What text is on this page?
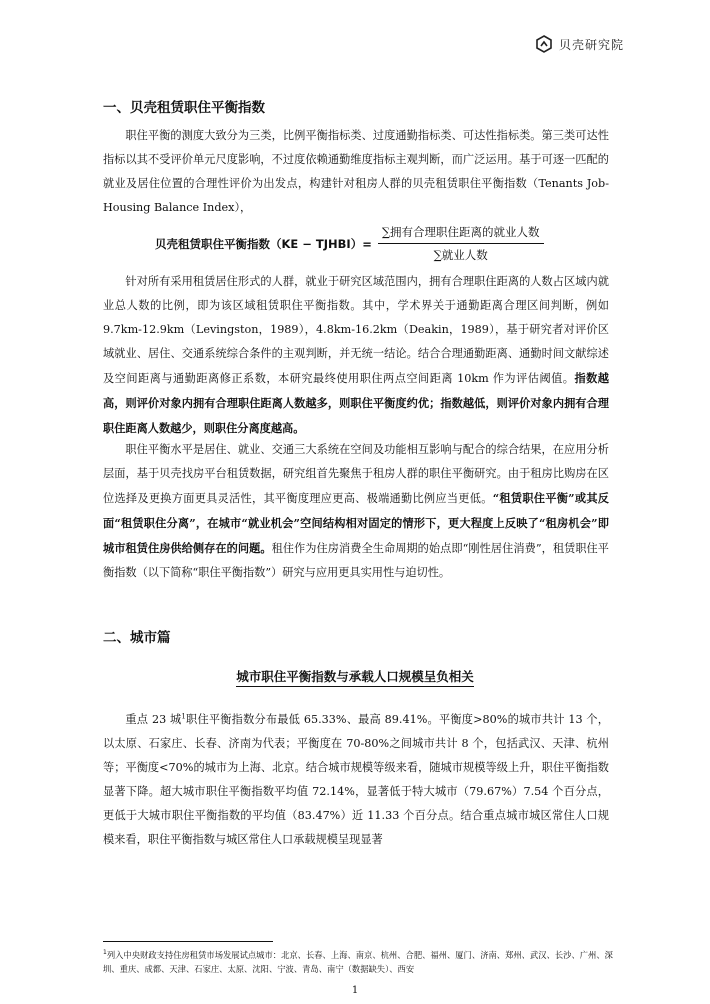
贝壳研究院
一、贝壳租赁职住平衡指数

职住平衡的测度大致分为三类，比例平衡指标类、过度通勤指标类、可达性指标类。第三类可达性指标以其不受评价单元尺度影响，不过度依赖通勤维度指标主观判断，而广泛运用。基于可逐一匹配的就业及居住位置的合理性评价为出发点，构建针对租房人群的贝壳租赁职住平衡指数（Tenants Job-Housing Balance Index），

贝壳租赁职住平衡指数（KE − TJHBI）= $\frac{\text{∑拥有合理职住距离的就业人数}}{\text{∑就业人数}}$

针对所有采用租赁居住形式的人群，就业于研究区域范围内，拥有合理职住距离的人数占区域内就业总人数的比例，即为该区域租赁职住平衡指数。其中，学术界关于通勤距离合理区间判断，例如 9.7km-12.9km（Levingston，1989），4.8km-16.2km（Deakin，1989），基于研究者对评价区域就业、居住、交通系统综合条件的主观判断，并无统一结论。结合合理通勤距离、通勤时间文献综述及空间距离与通勤距离修正系数，本研究最终使用职住两点空间距离 10km 作为评估阈值。指数越高，则评价对象内拥有合理职住距离人数越多，则职住平衡度约优；指数越低，则评价对象内拥有合理职住距离人数越少，则职住分离度越高。

职住平衡水平是居住、就业、交通三大系统在空间及功能相互影响与配合的综合结果，在应用分析层面，基于贝壳找房平台租赁数据，研究组首先聚焦于租房人群的职住平衡研究。由于租房比购房在区位选择及更换方面更具灵活性，其平衡度理应更高、极端通勤比例应当更低。“租赁职住平衡”或其反面“租赁职住分离”，在城市“就业机会”空间结构相对固定的情形下，更大程度上反映了“租房机会”即城市租赁住房供给侧存在的问题。租住作为住房消费全生命周期的始点即“刚性居住消费”，租赁职住平衡指数（以下简称“职住平衡指数”）研究与应用更具实用性与迫切性。

二、城市篇
城市职住平衡指数与承载人口规模呈负相关

重点 23 城$^1$职住平衡指数分布最低 65.33%、最高 89.41%。平衡度>80%的城市共计 13 个，以太原、石家庄、长春、济南为代表；平衡度在 70-80%之间城市共计 8 个，包括武汉、天津、杭州等；平衡度<70%的城市为上海、北京。结合城市规模等级来看，随城市规模等级上升，职住平衡指数显著下降。超大城市职住平衡指数平均值 72.14%，显著低于特大城市（79.67%）7.54 个百分点，更低于大城市职住平衡指数的平均值（83.47%）近 11.33 个百分点。结合重点城市城区常住人口规模来看，职住平衡指数与城区常住人口承载规模呈现显著

$^1$列入中央财政支持住房租赁市场发展试点城市：北京、长春、上海、南京、杭州、合肥、福州、厦门、济南、郑州、武汉、长沙、广州、深圳、重庆、成都、天津、石家庄、太原、沈阳、宁波、青岛、南宁（数据缺失）、西安
1
